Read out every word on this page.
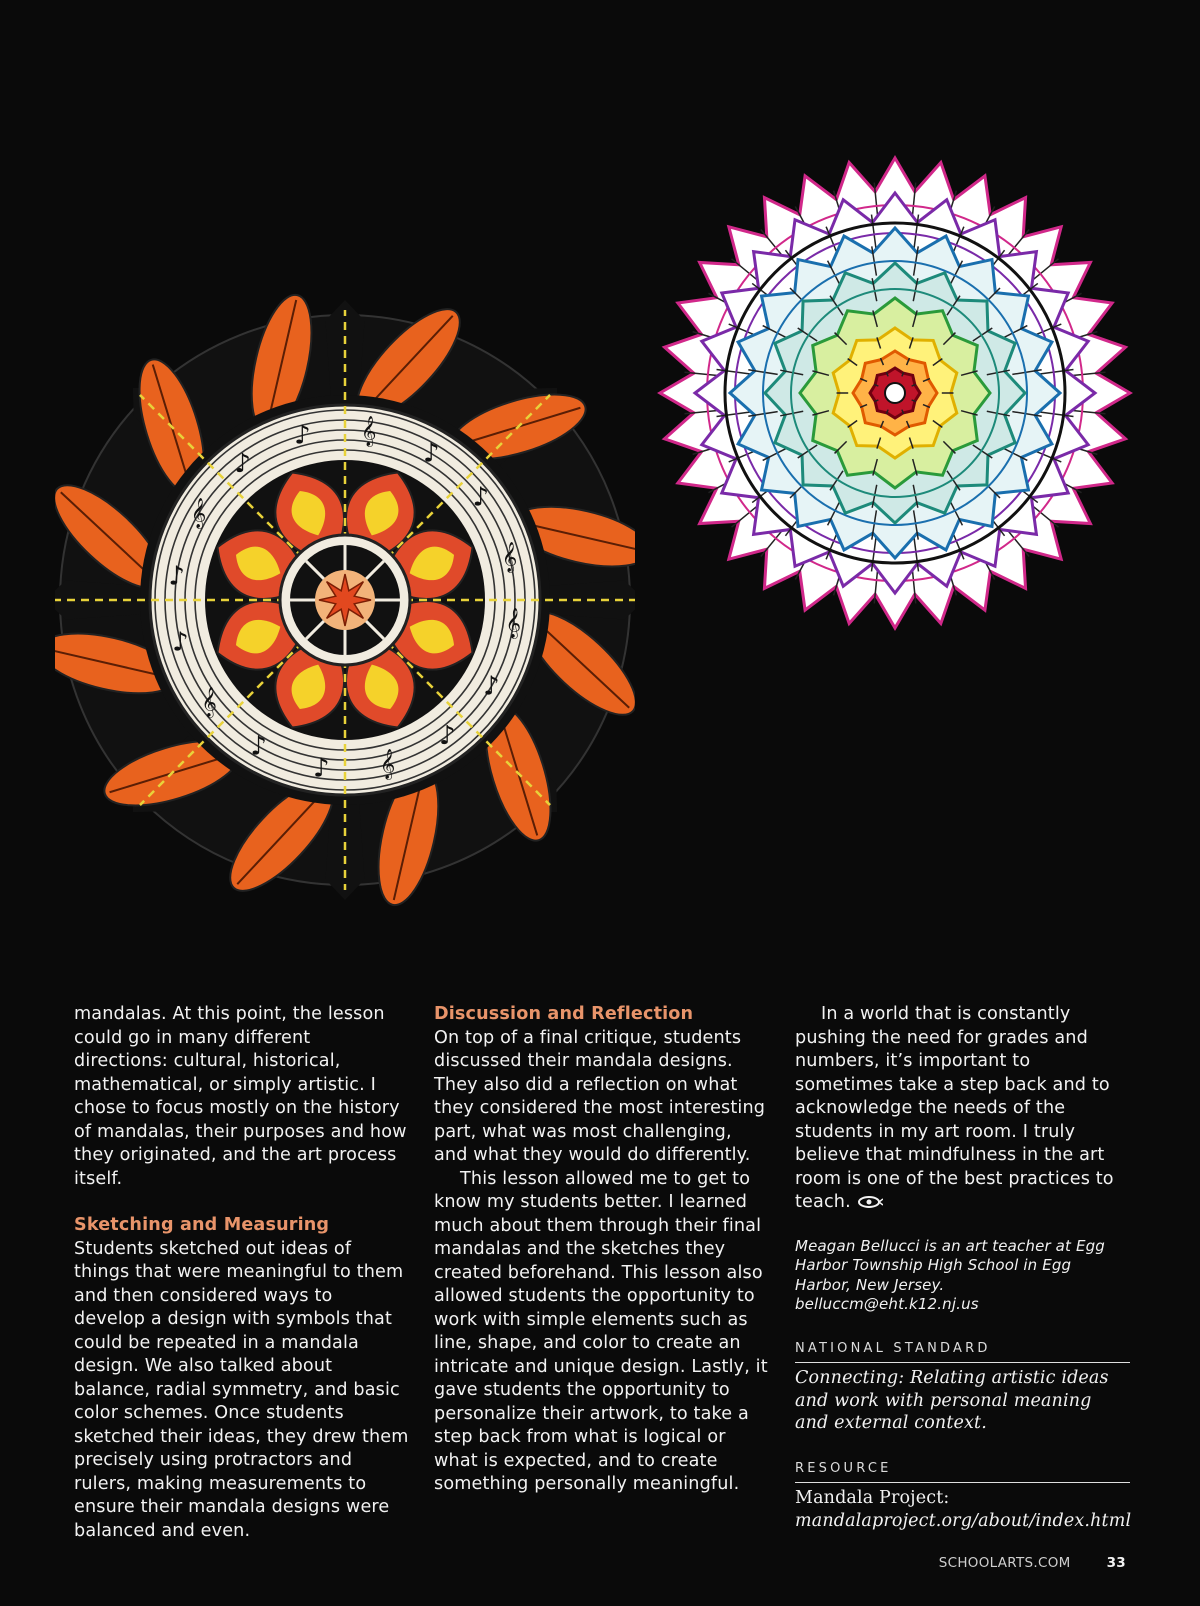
𝄞
♪
♪
𝄞
♪
♪
𝄞
♪
♪
𝄞
♪
♪ 𝄞
♪
♪
𝄞

mandalas. At this point, the lesson could go in many different directions: cultural, historical, mathematical, or simply artistic. I chose to focus mostly on the history of mandalas, their purposes and how they originated, and the art process itself.

Sketching and Measuring

Students sketched out ideas of things that were meaningful to them and then considered ways to develop a design with symbols that could be repeated in a mandala design. We also talked about balance, radial symmetry, and basic color schemes. Once students sketched their ideas, they drew them precisely using protractors and rulers, making measurements to ensure their mandala designs were balanced and even.

Discussion and Reflection

On top of a final critique, students discussed their mandala designs. They also did a reflection on what they considered the most interesting part, what was most challenging, and what they would do differently.

This lesson allowed me to get to know my students better. I learned much about them through their final mandalas and the sketches they created beforehand. This lesson also allowed students the opportunity to work with simple elements such as line, shape, and color to create an intricate and unique design. Lastly, it gave students the opportunity to personalize their artwork, to take a step back from what is logical or what is expected, and to create something personally meaningful.

In a world that is constantly pushing the need for grades and numbers, it’s important to sometimes take a step back and to acknowledge the needs of the students in my art room. I truly believe that mindfulness in the art room is one of the best practices to teach.

Meagan Bellucci is an art teacher at Egg Harbor Township High School in Egg Harbor, New Jersey. belluccm@eht.k12.nj.us

NATIONAL STANDARD

Connecting: Relating artistic ideas and work with personal meaning and external context.

RESOURCE

Mandala Project: mandalaproject.org/about/index.html

SCHOOLARTS.COM	33
